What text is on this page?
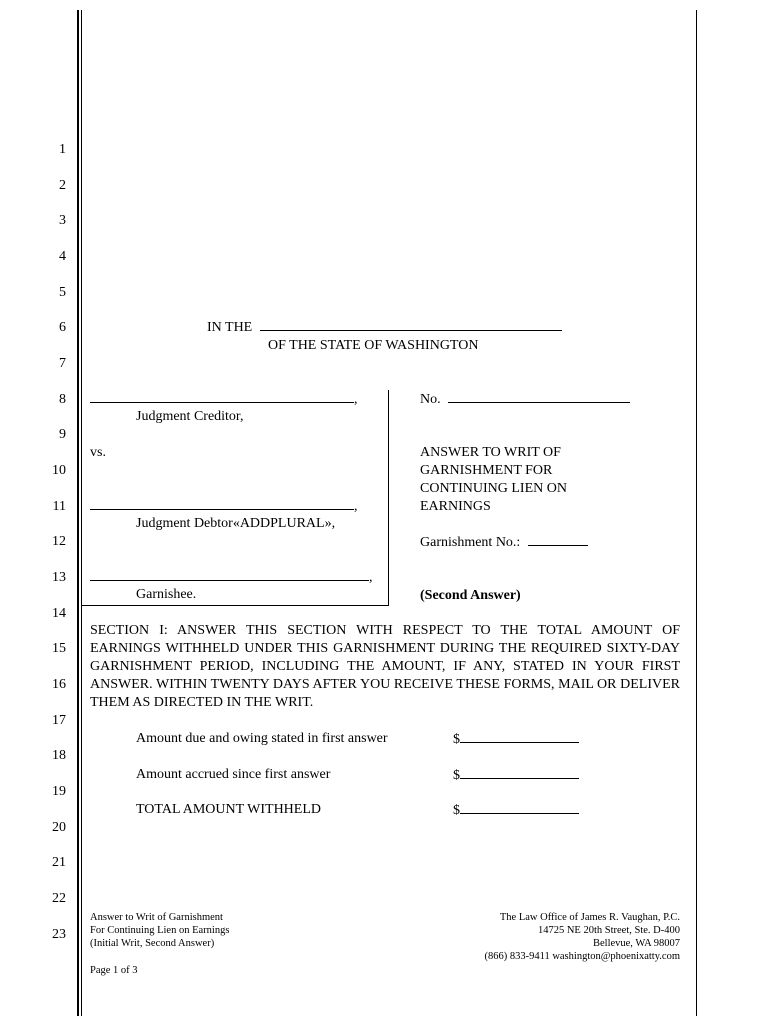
1
2
3
4
5
6
7
8
9
10
11
12
13
14
15
16
17
18
19
20
21
22
23
IN THE
OF THE STATE OF WASHINGTON
,
Judgment Creditor,
vs.
,
Judgment Debtor«ADDPLURAL»,
,
Garnishee.
No.
ANSWER TO WRIT OF
GARNISHMENT FOR
CONTINUING LIEN ON
EARNINGS
Garnishment No.:
(Second Answer)
SECTION I: ANSWER THIS SECTION WITH RESPECT TO THE TOTAL AMOUNT OF EARNINGS WITHHELD UNDER THIS GARNISHMENT DURING THE REQUIRED SIXTY-DAY GARNISHMENT PERIOD, INCLUDING THE AMOUNT, IF ANY, STATED IN YOUR FIRST ANSWER. WITHIN TWENTY DAYS AFTER YOU RECEIVE THESE FORMS, MAIL OR DELIVER THEM AS DIRECTED IN THE WRIT.
Amount due and owing stated in first answer	$
Amount accrued since first answer	$
TOTAL AMOUNT WITHHELD	$
Answer to Writ of Garnishment
For Continuing Lien on Earnings
(Initial Writ, Second Answer)
Page 1 of 3
The Law Office of James R. Vaughan, P.C.
14725 NE 20th Street, Ste. D-400
Bellevue, WA 98007
(866) 833-9411 washington@phoenixatty.com
